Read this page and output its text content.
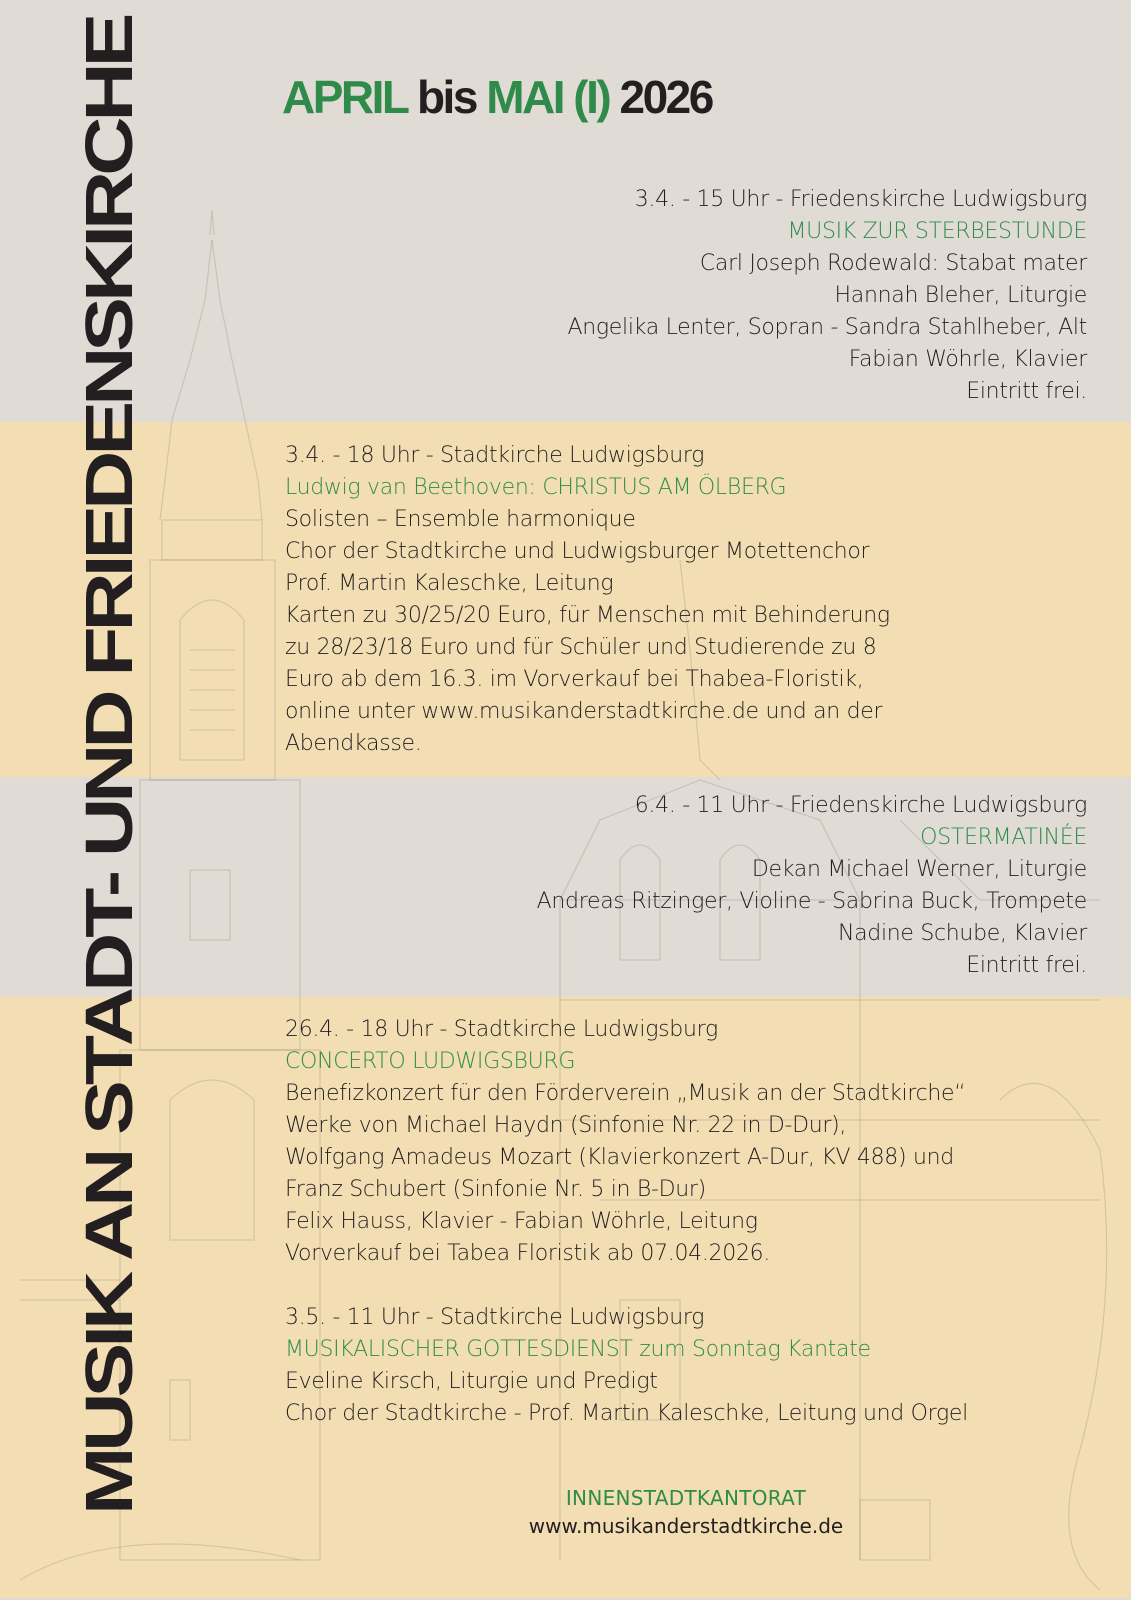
MUSIK AN STADT- UND FRIEDENSKIRCHE	APRIL bis MAI (I) 2026
3.4. - 15 Uhr - Friedenskirche Ludwigsburg
MUSIK ZUR STERBESTUNDE
Carl Joseph Rodewald: Stabat mater
Hannah Bleher, Liturgie
Angelika Lenter, Sopran - Sandra Stahlheber, Alt
Fabian Wöhrle, Klavier
Eintritt frei.
3.4. - 18 Uhr - Stadtkirche Ludwigsburg
Ludwig van Beethoven: CHRISTUS AM ÖLBERG
Solisten – Ensemble harmonique
Chor der Stadtkirche und Ludwigsburger Motettenchor
Prof. Martin Kaleschke, Leitung
Karten zu 30/25/20 Euro, für Menschen mit Behinderung
zu 28/23/18 Euro und für Schüler und Studierende zu 8
Euro ab dem 16.3. im Vorverkauf bei Thabea-Floristik,
online unter www.musikanderstadtkirche.de und an der
Abendkasse.
6.4. - 11 Uhr - Friedenskirche Ludwigsburg
OSTERMATINÉE
Dekan Michael Werner, Liturgie
Andreas Ritzinger, Violine - Sabrina Buck, Trompete
Nadine Schube, Klavier
Eintritt frei.
26.4. - 18 Uhr - Stadtkirche Ludwigsburg
CONCERTO LUDWIGSBURG
Benefizkonzert für den Förderverein „Musik an der Stadtkirche“
Werke von Michael Haydn (Sinfonie Nr. 22 in D-Dur),
Wolfgang Amadeus Mozart (Klavierkonzert A-Dur, KV 488) und
Franz Schubert (Sinfonie Nr. 5 in B-Dur)
Felix Hauss, Klavier - Fabian Wöhrle, Leitung
Vorverkauf bei Tabea Floristik ab 07.04.2026.
3.5. - 11 Uhr - Stadtkirche Ludwigsburg
MUSIKALISCHER GOTTESDIENST zum Sonntag Kantate
Eveline Kirsch, Liturgie und Predigt
Chor der Stadtkirche - Prof. Martin Kaleschke, Leitung und Orgel
INNENSTADTKANTORAT
www.musikanderstadtkirche.de
